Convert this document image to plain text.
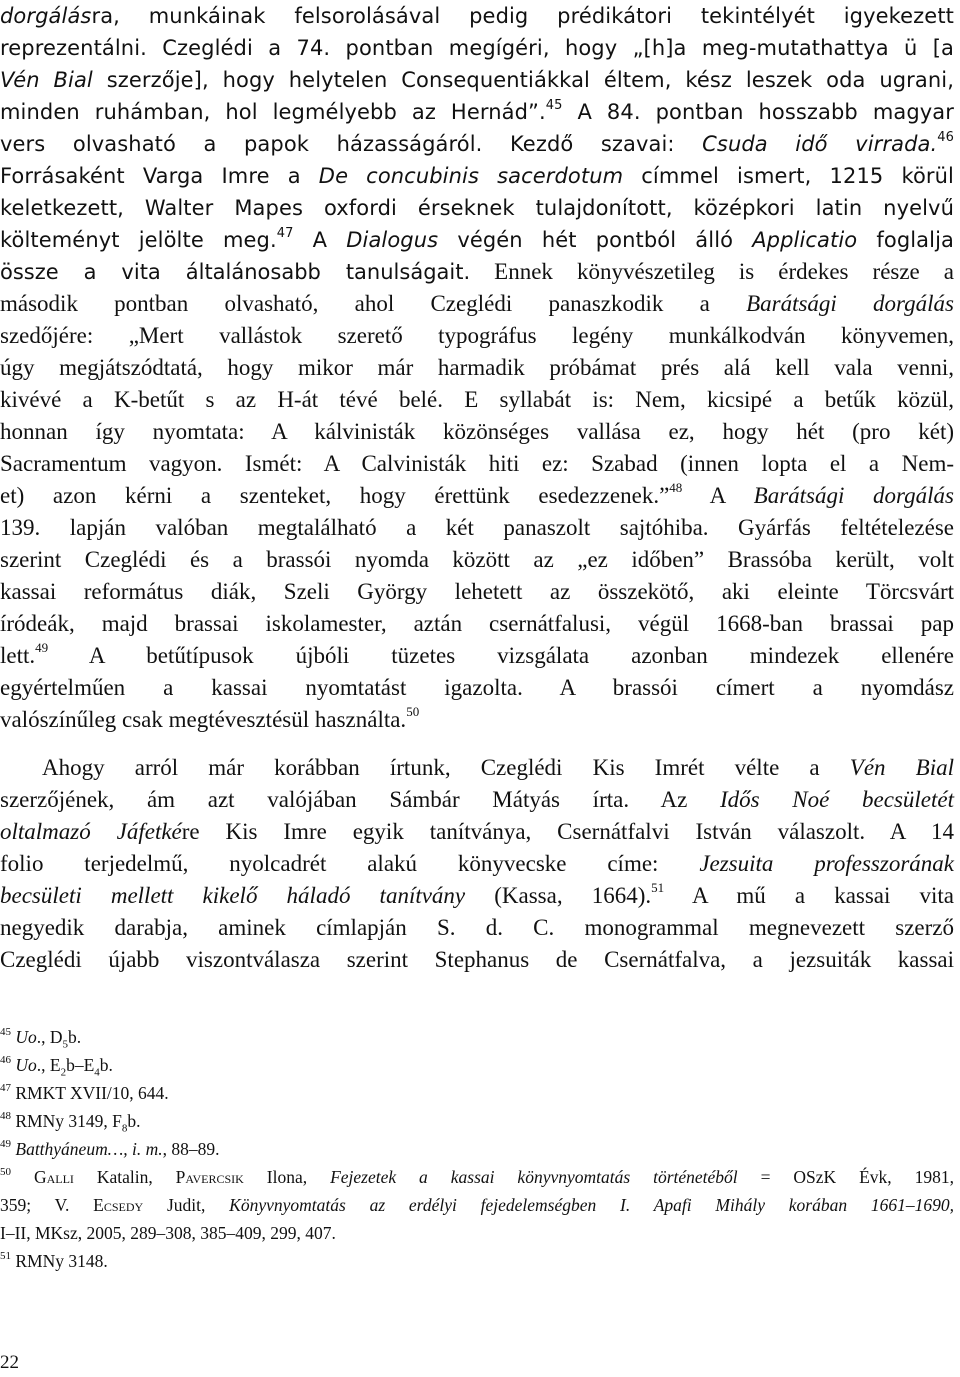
dorgálásra, munkáinak felsorolásával pedig prédikátori tekintélyét igyekezett
reprezentálni. Czeglédi a 74. pontban megígéri, hogy „[h]a meg-mutathattya ü [a
Vén Bial szerzője], hogy helytelen Consequentiákkal éltem, kész leszek oda ugrani,
minden ruhámban, hol legmélyebb az Hernád”.$^{45}$ A 84. pontban hosszabb magyar
vers olvasható a papok házasságáról. Kezdő szavai: Csuda idő virrada.$^{46}$
Forrásaként Varga Imre a De concubinis sacerdotum címmel ismert, 1215 körül
keletkezett, Walter Mapes oxfordi érseknek tulajdonított, középkori latin nyelvű
költeményt jelölte meg.$^{47}$ A Dialogus végén hét pontból álló Applicatio foglalja
össze a vita általánosabb tanulságait. Ennek könyvészetileg is érdekes része a
második pontban olvasható, ahol Czeglédi panaszkodik a Barátsági dorgálás
szedőjére: „Mert vallástok szerető typográfus legény munkálkodván könyvemen,
úgy megjátszódtatá, hogy mikor már harmadik próbámat prés alá kell vala venni,
kivévé a K-betűt s az H-át tévé belé. E syllabát is: Nem, kicsipé a betűk közül,
honnan így nyomtata: A kálvinisták közönséges vallása ez, hogy hét (pro két)
Sacramentum vagyon. Ismét: A Calvinisták hiti ez: Szabad (innen lopta el a Nem-
et) azon kérni a szenteket, hogy érettünk esedezzenek.”$^{48}$ A Barátsági dorgálás
139. lapján valóban megtalálható a két panaszolt sajtóhiba. Gyárfás feltételezése
szerint Czeglédi és a brassói nyomda között az „ez időben” Brassóba került, volt
kassai református diák, Szeli György lehetett az összekötő, aki eleinte Törcsvárt
íródeák, majd brassai iskolamester, aztán csernátfalusi, végül 1668-ban brassai pap
lett.$^{49}$ A betűtípusok újbóli tüzetes vizsgálata azonban mindezek ellenére
egyértelműen a kassai nyomtatást igazolta. A brassói címert a nyomdász
valószínűleg csak megtévesztésül használta.$^{50}$
Ahogy arról már korábban írtunk, Czeglédi Kis Imrét vélte a Vén Bial
szerzőjének, ám azt valójában Sámbár Mátyás írta. Az Idős Noé becsületét
oltalmazó Jáfetkére Kis Imre egyik tanítványa, Csernátfalvi István válaszolt. A 14
folio terjedelmű, nyolcadrét alakú könyvecske címe: Jezsuita professzorának
becsületi mellett kikelő háladó tanítvány (Kassa, 1664).$^{51}$ A mű a kassai vita
negyedik darabja, aminek címlapján S. d. C. monogrammal megnevezett szerző
Czeglédi újabb viszontválasza szerint Stephanus de Csernátfalva, a jezsuiták kassai
$^{45}$ Uo., $D_5b$.
$^{46}$ Uo., $E_2b-E_4b$.
$^{47}$ RMKT XVII/10, 644.
$^{48}$ RMNy 3149, $F_8b$.
$^{49}$ Batthyáneum…, i. m., 88–89.
$^{50}$ Galli Katalin, Pavercsik Ilona, Fejezetek a kassai könyvnyomtatás történetéből = OSzK Évk, 1981,
359; V. Ecsedy Judit, Könyvnyomtatás az erdélyi fejedelemségben I. Apafi Mihály korában 1661–1690,
I–II, MKsz, 2005, 289–308, 385–409, 299, 407.
$^{51}$ RMNy 3148.
22
